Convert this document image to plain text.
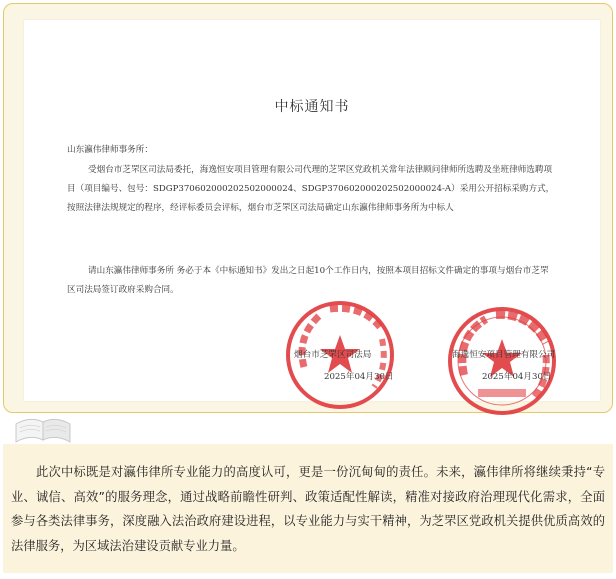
中标通知书
山东瀛伟律师事务所：
受烟台市芝罘区司法局委托，海逸恒安项目管理有限公司代理的芝罘区党政机关常年法律顾问律师所选聘及坐班律师选聘项目（项目编号、包号：SDGP370602000202502000024、SDGP370602000202502000024-A）采用公开招标采购方式，按照法律法规规定的程序，经评标委员会评标，烟台市芝罘区司法局确定山东瀛伟律师事务所为中标人
请山东瀛伟律师事务所 务必于本《中标通知书》发出之日起10个工作日内，按照本项目招标文件确定的事项与烟台市芝罘区司法局签订政府采购合同。
烟台市芝罘区司法局
2025年04月30日
海逸恒安项目管理有限公司
2025年04月30日

此次中标既是对瀛伟律所专业能力的高度认可，更是一份沉甸甸的责任。未来，瀛伟律所将继续秉持“专业、诚信、高效”的服务理念，通过战略前瞻性研判、政策适配性解读，精准对接政府治理现代化需求，全面参与各类法律事务，深度融入法治政府建设进程，以专业能力与实干精神，为芝罘区党政机关提供优质高效的法律服务，为区域法治建设贡献专业力量。
